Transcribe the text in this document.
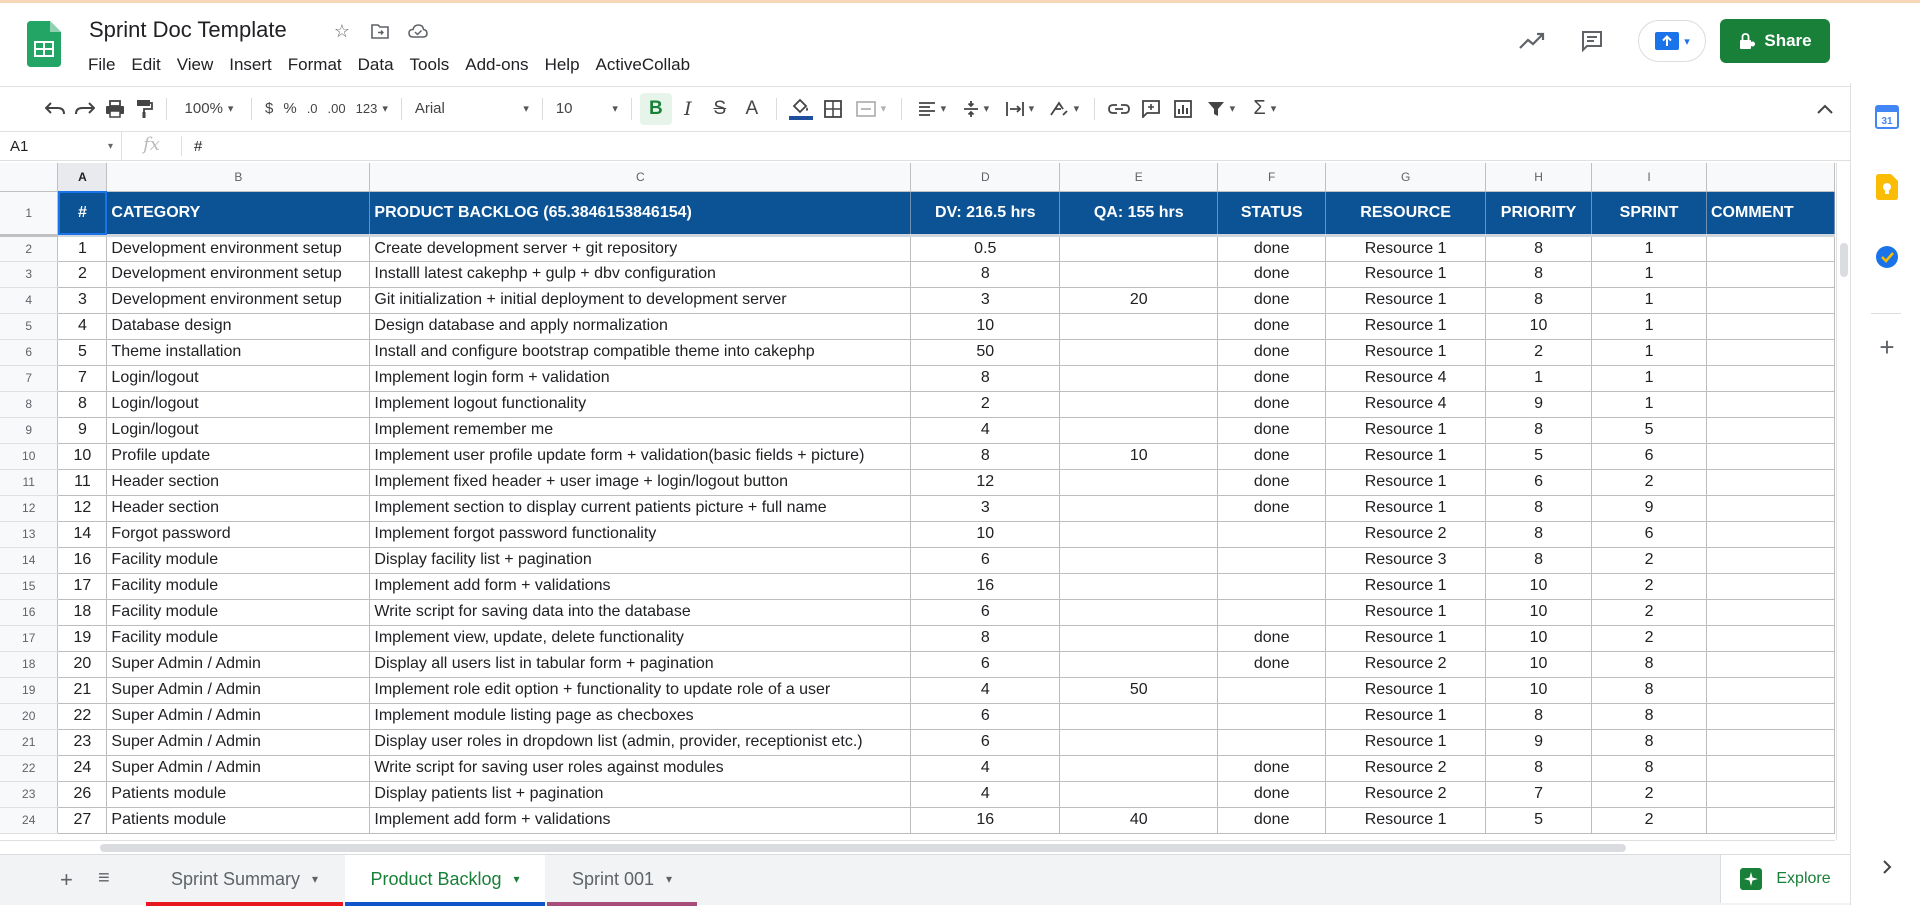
Sprint Doc Template	☆
File Edit View Insert Format Data Tools Add-ons Help ActiveCollab
▾	Share
100% ▾	$ % .0 .00 123 ▾	Arial ▾	10 ▾	B	I	S	A ▾ ▾ ▾ ▾ ▾ ▾	Σ ▾
A1	▾	fx	#
	A	B	C	D	E	F	G	H	I	
1	#	CATEGORY	PRODUCT BACKLOG (65.3846153846154)	DV: 216.5 hrs	QA: 155 hrs	STATUS	RESOURCE	PRIORITY	SPRINT	COMMENT
2	1	Development environment setup	Create development server + git repository	0.5		done	Resource 1	8	1	
3	2	Development environment setup	Installl latest cakephp + gulp + dbv configuration	8		done	Resource 1	8	1	
4	3	Development environment setup	Git initialization + initial deployment to development server	3	20	done	Resource 1	8	1	
5	4	Database design	Design database and apply normalization	10		done	Resource 1	10	1	
6	5	Theme installation	Install and configure bootstrap compatible theme into cakephp	50		done	Resource 1	2	1	
7	7	Login/logout	Implement login form + validation	8		done	Resource 4	1	1	
8	8	Login/logout	Implement logout functionality	2		done	Resource 4	9	1	
9	9	Login/logout	Implement remember me	4		done	Resource 1	8	5	
10	10	Profile update	Implement user profile update form + validation(basic fields + picture)	8	10	done	Resource 1	5	6	
11	11	Header section	Implement fixed header + user image + login/logout button	12		done	Resource 1	6	2	
12	12	Header section	Implement section to display current patients picture + full name	3		done	Resource 1	8	9	
13	14	Forgot password	Implement forgot password functionality	10			Resource 2	8	6	
14	16	Facility module	Display facility list + pagination	6			Resource 3	8	2	
15	17	Facility module	Implement add form + validations	16			Resource 1	10	2	
16	18	Facility module	Write script for saving data into the database	6			Resource 1	10	2	
17	19	Facility module	Implement view, update, delete functionality	8		done	Resource 1	10	2	
18	20	Super Admin / Admin	Display all users list in tabular form + pagination	6		done	Resource 2	10	8	
19	21	Super Admin / Admin	Implement role edit option + functionality to update role of a user	4	50		Resource 1	10	8	
20	22	Super Admin / Admin	Implement module listing page as checboxes	6			Resource 1	8	8	
21	23	Super Admin / Admin	Display user roles in dropdown list (admin, provider, receptionist etc.)	6			Resource 1	9	8	
22	24	Super Admin / Admin	Write script for saving user roles against modules	4		done	Resource 2	8	8	
23	26	Patients module	Display patients list + pagination	4		done	Resource 2	7	2	
24	27	Patients module	Implement add form + validations	16	40	done	Resource 1	5	2	
+ ≡	Sprint Summary ▾	Product Backlog ▾	Sprint 001 ▾	Explore
31
+
